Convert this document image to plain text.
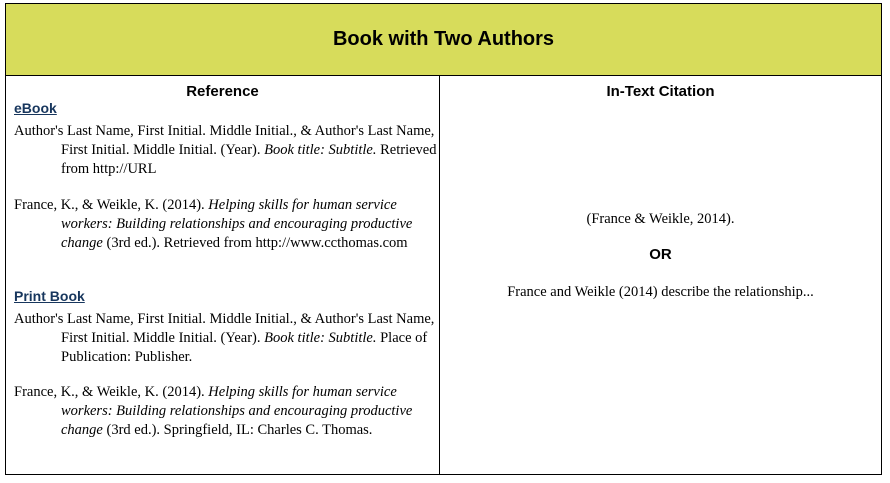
Book with Two Authors
Reference
eBook

Author's Last Name, First Initial. Middle Initial., & Author's Last Name, First Initial. Middle Initial. (Year). Book title: Subtitle. Retrieved from http://URL

France, K., & Weikle, K. (2014). Helping skills for human service workers: Building relationships and encouraging productive change (3rd ed.). Retrieved from http://www.ccthomas.com

Print Book

Author's Last Name, First Initial. Middle Initial., & Author's Last Name, First Initial. Middle Initial. (Year). Book title: Subtitle. Place of Publication: Publisher.

France, K., & Weikle, K. (2014). Helping skills for human service workers: Building relationships and encouraging productive change (3rd ed.). Springfield, IL: Charles C. Thomas.

In-Text Citation
(France & Weikle, 2014).
OR
France and Weikle (2014) describe the relationship...
